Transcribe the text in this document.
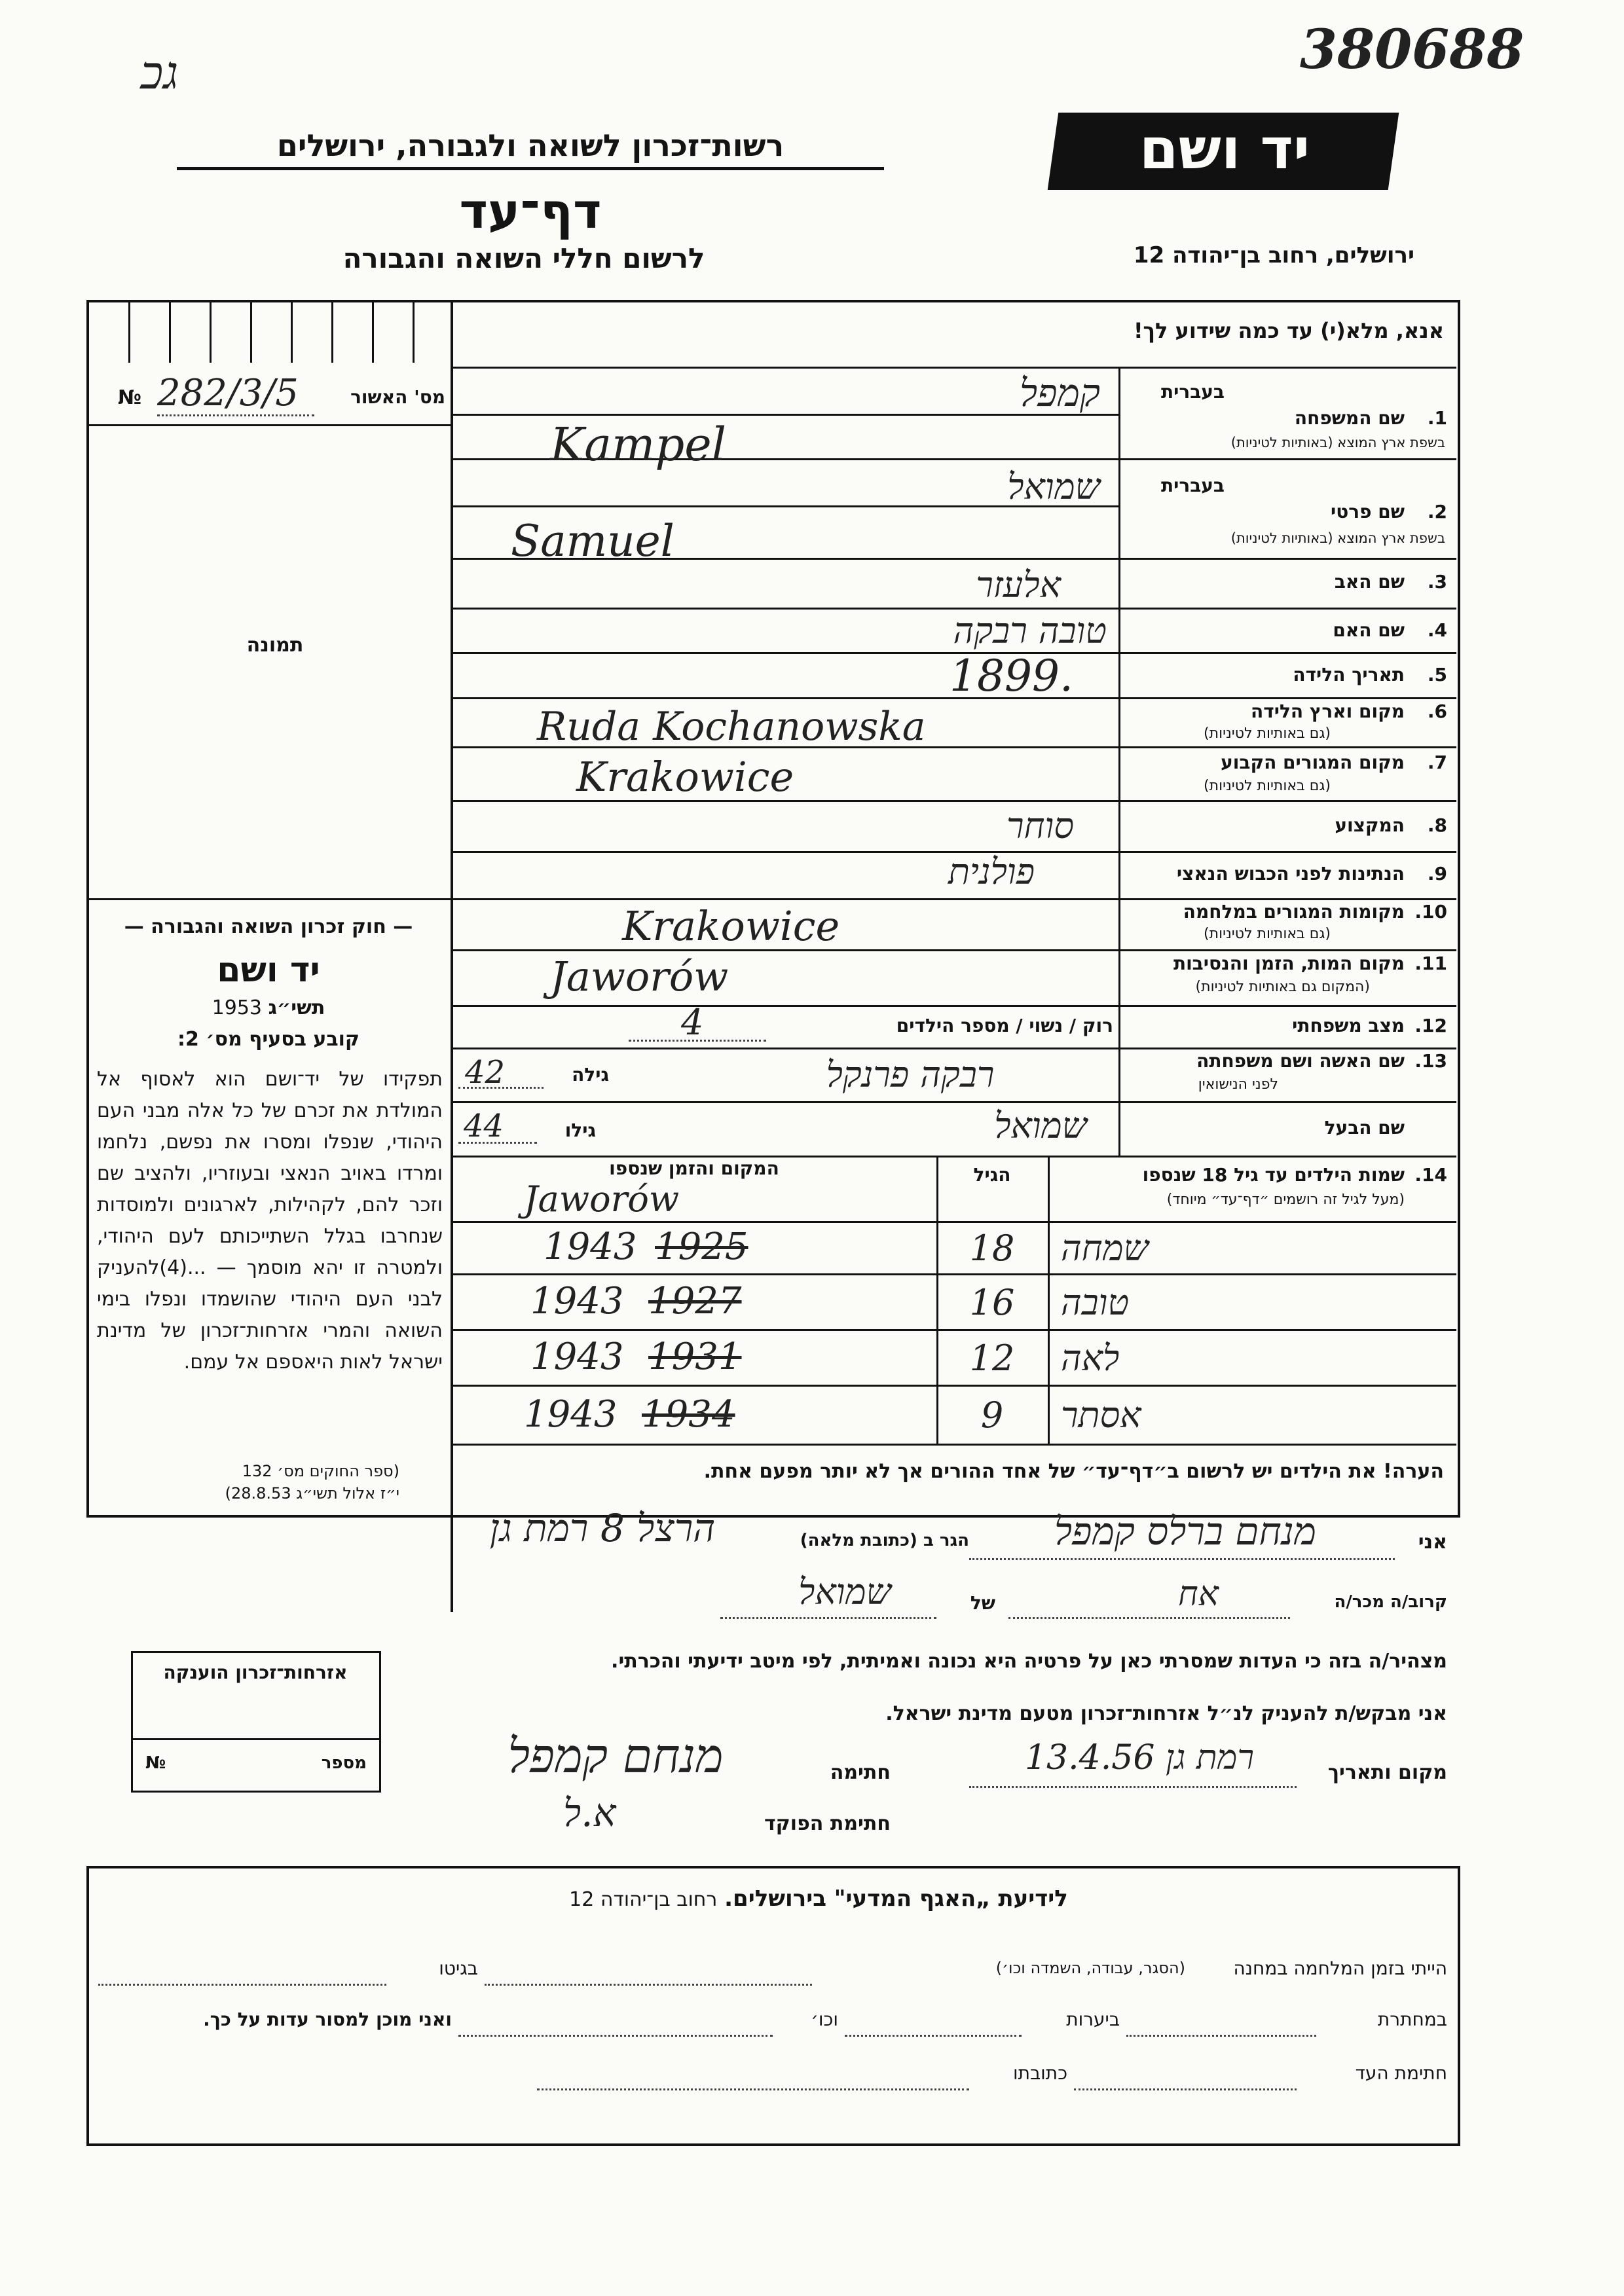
גכ	380688
רשות־זכרון לשואה ולגבורה, ירושלים
דף־עד
לרשום חללי השואה והגבורה
יד ושם
ירושלים, רחוב בן־יהודה 12
אנא, מלא(י) עד כמה שידוע לך!
מס' האשור
№ 282/3/5
תמונה
— חוק זכרון השואה והגבורה —
יד ושם
תשי״ג 1953
קובע בסעיף מס׳ 2:
תפקידו של יד־ושם הוא לאסוף אל המולדת את זכרם של כל אלה מבני העם היהודי, שנפלו ומסרו את נפשם, נלחמו ומרדו באויב הנאצי ובעוזריו, ולהציב שם וזכר להם, לקהילות, לארגונים ולמוסדות שנחרבו בגלל השתייכותם לעם היהודי, ולמטרה זו יהא מוסמך — ...(4)להעניק לבני העם היהודי שהושמדו ונפלו בימי השואה והמרי אזרחות־זכרון של מדינת ישראל לאות היאספם אל עמם.
(ספר החוקים מס׳ 132
י״ז אלול תשי״ג 28.8.53)
1.
שם המשפחה
בעברית
בשפת ארץ המוצא (באותיות לטיניות)
קמפל
Kampel
2.
שם פרטי
בעברית
בשפת ארץ המוצא (באותיות לטיניות)
שמואל
Samuel
3.
שם האב
אלעזר
4.
שם האם
טובה רבקה
5.
תאריך הלידה
1899.
6.
מקום וארץ הלידה
(גם באותיות לטיניות)
Ruda Kochanowska
7.
מקום המגורים הקבוע
(גם באותיות לטיניות)
Krakowice
8.
המקצוע
סוחר
9.
הנתינות לפני הכבוש הנאצי
פולנית
10.
מקומות המגורים במלחמה
(גם באותיות לטיניות)
Krakowice
11.
מקום המות, הזמן והנסיבות
(המקום גם באותיות לטיניות)
Jaworów
12.
מצב משפחתי
רוק / נשוי / מספר הילדים
4
13.
שם האשה ושם משפחתה
לפני הנישואין
רבקה פרנקל
גילה
42
שם הבעל
שמואל
גילו
44
14.
שמות הילדים עד גיל 18 שנספו
(מעל לגיל זה רושמים ״דף־עד״ מיוחד)
הגיל
המקום והזמן שנספו
Jaworów
שמחה
18
1943 1925
טובה
16
1943 1927
לאה
12
1943 1931
אסתר
9
1943 1934
הערה! את הילדים יש לרשום ב״דף־עד״ של אחד ההורים אך לא יותר מפעם אחת.
אני
מנחם ברלס קמפל
הגר ב (כתובת מלאה)
הרצל 8 רמת גן
קרוב/ה מכר/ה
אח
של
שמואל
מצהיר/ה בזה כי העדות שמסרתי כאן על פרטיה היא נכונה ואמיתית, לפי מיטב ידיעתי והכרתי.
אני מבקש/ת להעניק לנ״ל אזרחות־זכרון מטעם מדינת ישראל.
מקום ותאריך
רמת גן 13.4.56
חתימה
מנחם קמפל
חתימת הפוקד
א.ל
אזרחות־זכרון הוענקה
מספר
№
לידיעת „האגף המדעי" בירושלים. רחוב בן־יהודה 12
הייתי בזמן המלחמה במחנה
(הסגר, עבודה, השמדה וכו׳)
בגיטו
במחתרת
ביערות
וכו׳
ואני מוכן למסור עדות על כך.
חתימת העד
כתובתו
